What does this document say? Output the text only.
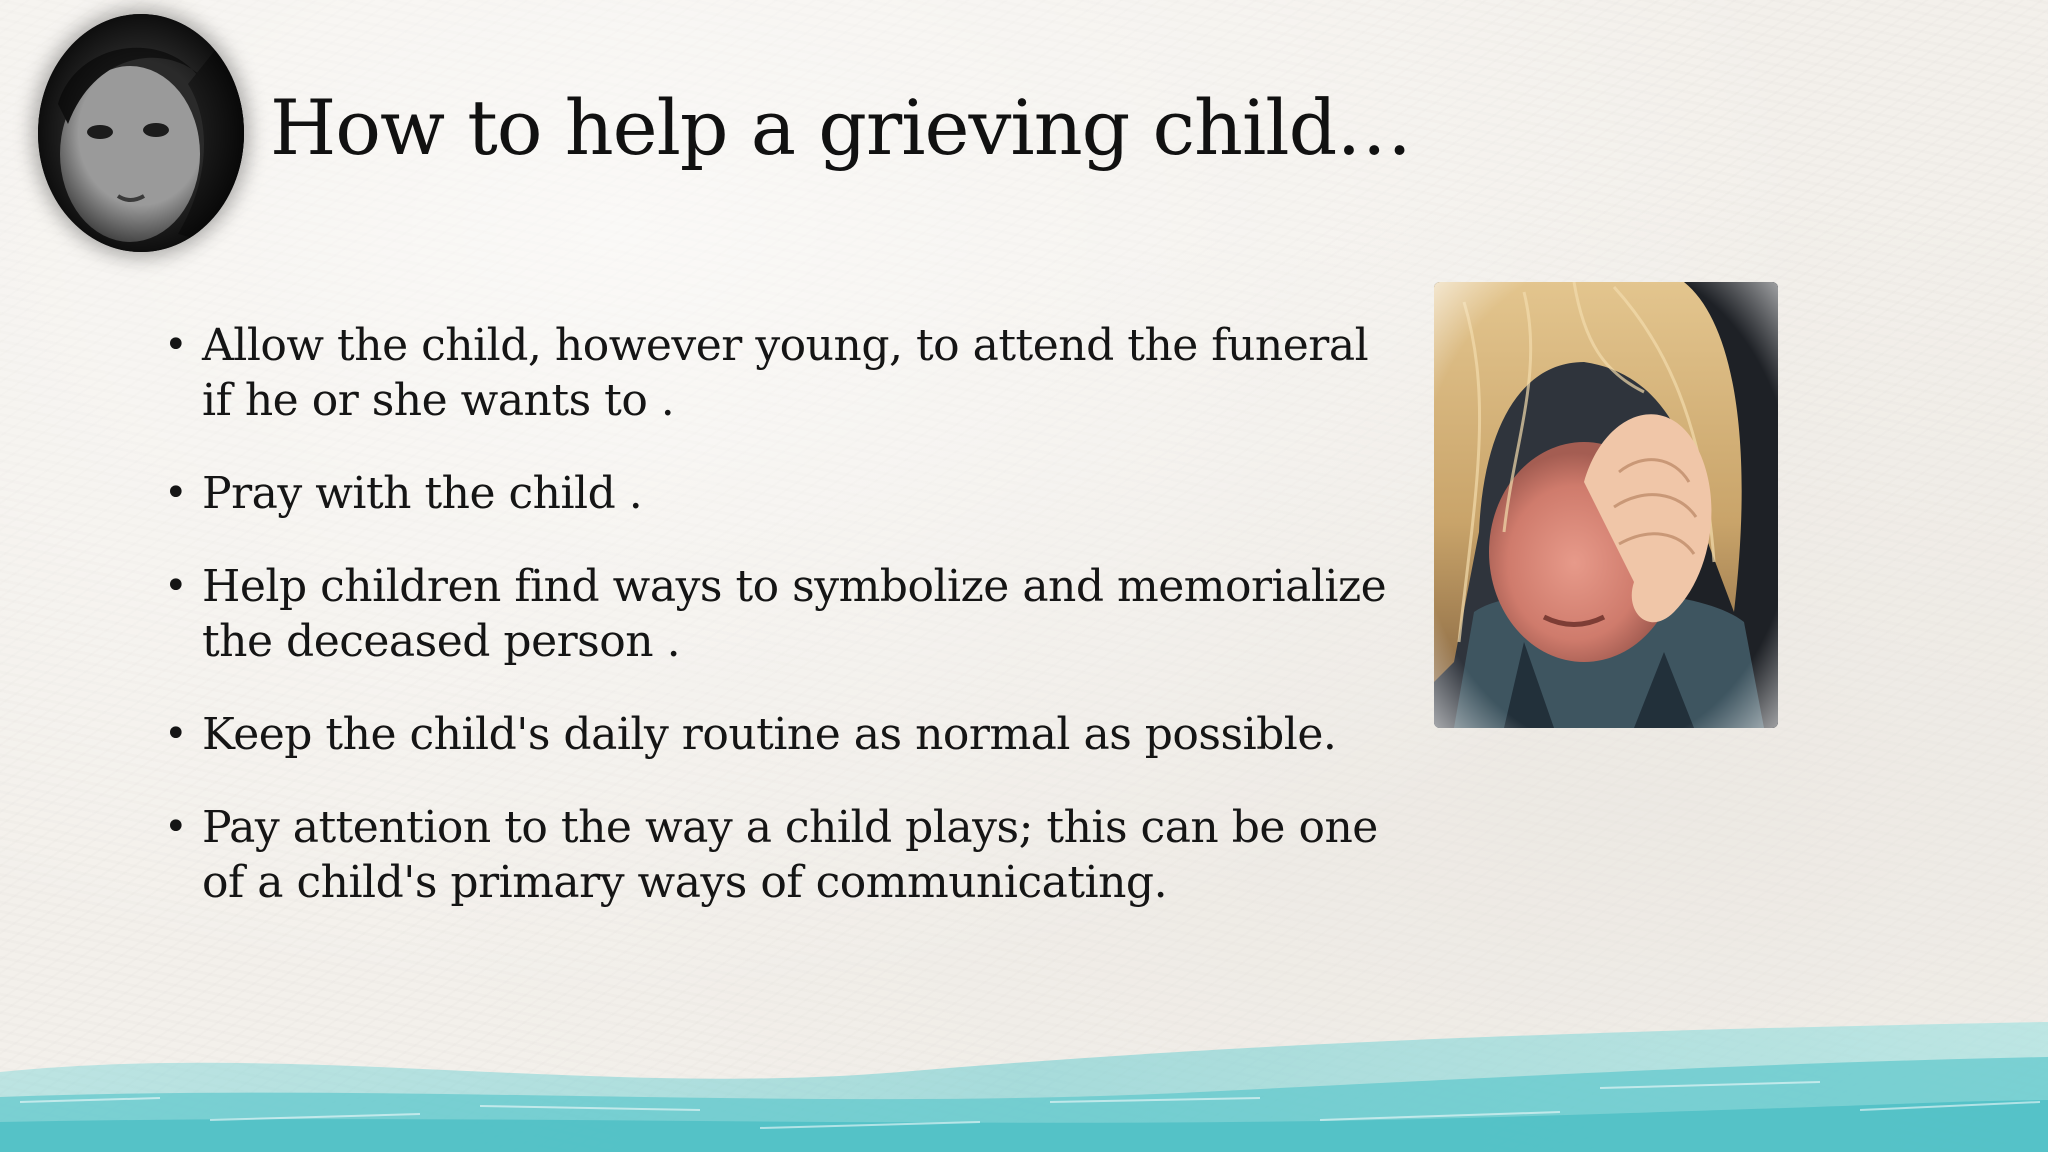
How to help a grieving child…
• Allow the child, however young, to attend the funeral if he or she wants to .
• Pray with the child .
• Help children find ways to symbolize and memorialize the deceased person .
• Keep the child's daily routine as normal as possible.
• Pay attention to the way a child plays; this can be one of a child's primary ways of communicating.
